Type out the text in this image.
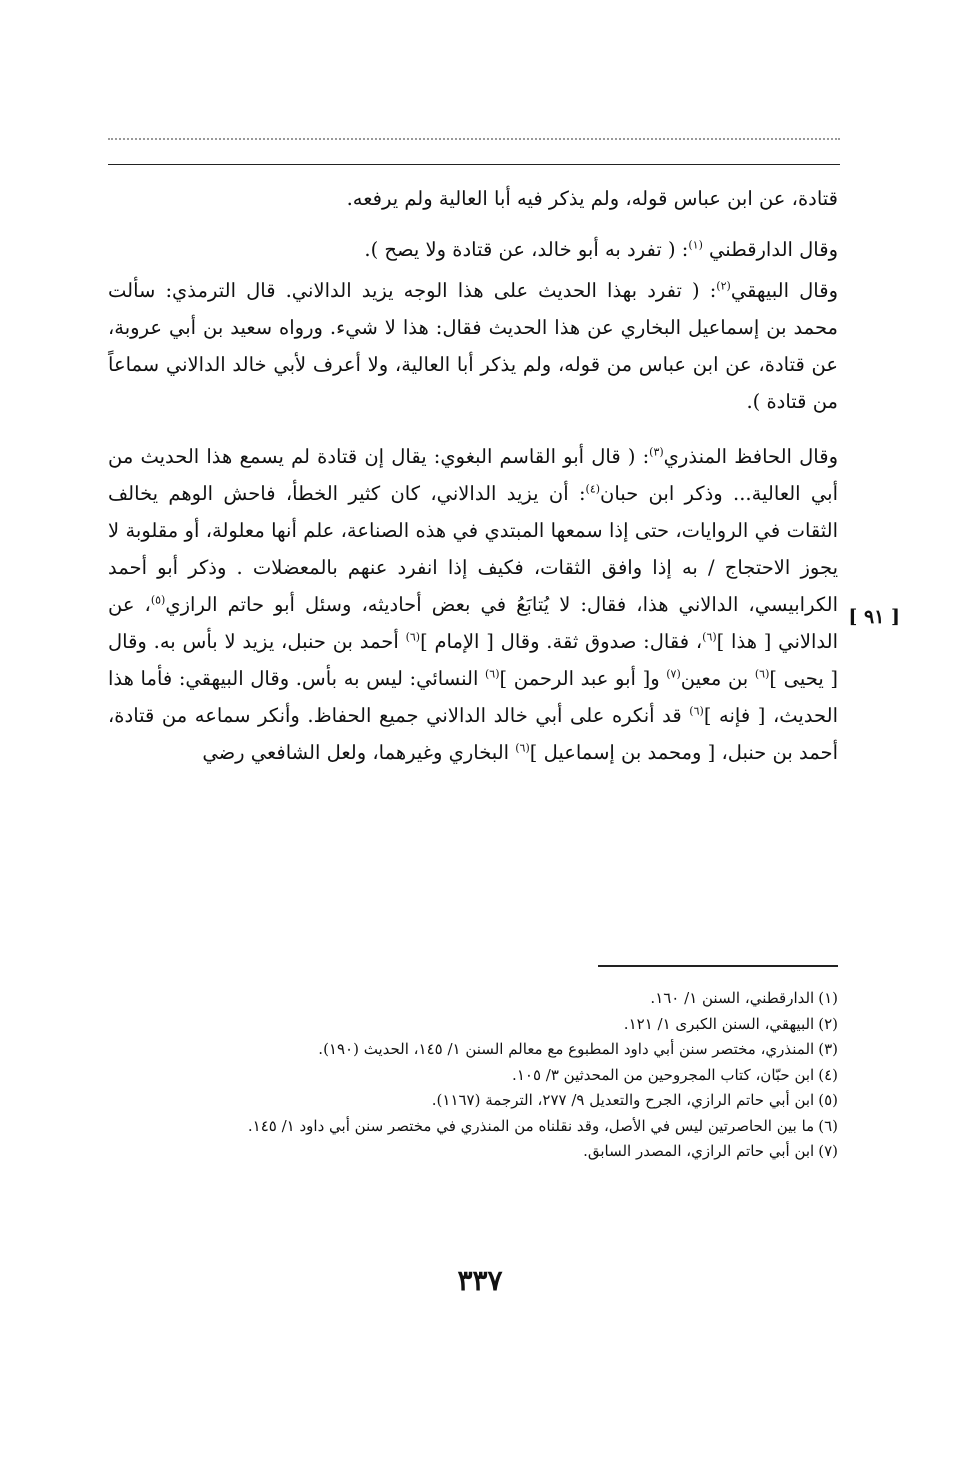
قتادة، عن ابن عباس قوله، ولم يذكر فيه أبا العالية ولم يرفعه.

وقال الدارقطني $^{(١)}$: ( تفرد به أبو خالد، عن قتادة ولا يصح ).

وقال البيهقي$^{(٢)}$: ( تفرد بهذا الحديث على هذا الوجه يزيد الدالاني. قال الترمذي: سألت محمد بن إسماعيل البخاري عن هذا الحديث فقال: هذا لا شيء. ورواه سعيد بن أبي عروبة، عن قتادة، عن ابن عباس من قوله، ولم يذكر أبا العالية، ولا أعرف لأبي خالد الدالاني سماعاً من قتادة ).

وقال الحافظ المنذري$^{(٣)}$: ( قال أبو القاسم البغوي: يقال إن قتادة لم يسمع هذا الحديث من أبي العالية... وذكر ابن حبان$^{(٤)}$: أن يزيد الدالاني، كان كثير الخطأ، فاحش الوهم يخالف الثقات في الروايات، حتى إذا سمعها المبتدي في هذه الصناعة، علم أنها معلولة، أو مقلوبة لا يجوز الاحتجاج / به إذا وافق الثقات، فكيف إذا انفرد عنهم بالمعضلات . وذكر أبو أحمد الكرابيسي، الدالاني هذا، فقال: لا يُتابَعُ في بعض أحاديثه، وسئل أبو حاتم الرازي$^{(٥)}$، عن الدالاني [ هذا ]$^{(٦)}$، فقال: صدوق ثقة. وقال [ الإمام ]$^{(٦)}$ أحمد بن حنبل، يزيد لا بأس به. وقال [ يحيى ]$^{(٦)}$ بن معين$^{(٧)}$ و[ أبو عبد الرحمن ]$^{(٦)}$ النسائي: ليس به بأس. وقال البيهقي: فأما هذا الحديث، [ فإنه ]$^{(٦)}$ قد أنكره على أبي خالد الدالاني جميع الحفاظ. وأنكر سماعه من قتادة، أحمد بن حنبل، [ ومحمد بن إسماعيل ]$^{(٦)}$ البخاري وغيرهما، ولعل الشافعي رضي

[ ٩١ ]
(١)الدارقطني، السنن ١/ ١٦٠.
(٢)البيهقي، السنن الكبرى ١/ ١٢١.
(٣)المنذري، مختصر سنن أبي داود المطبوع مع معالم السنن ١/ ١٤٥، الحديث (١٩٠).
(٤)ابن حبّان، كتاب المجروحين من المحدثين ٣/ ١٠٥.
(٥)ابن أبي حاتم الرازي، الجرح والتعديل ٩/ ٢٧٧، الترجمة (١١٦٧).
(٦)ما بين الحاصرتين ليس في الأصل، وقد نقلناه من المنذري في مختصر سنن أبي داود ١/ ١٤٥.
(٧)ابن أبي حاتم الرازي، المصدر السابق.
٣٣٧
